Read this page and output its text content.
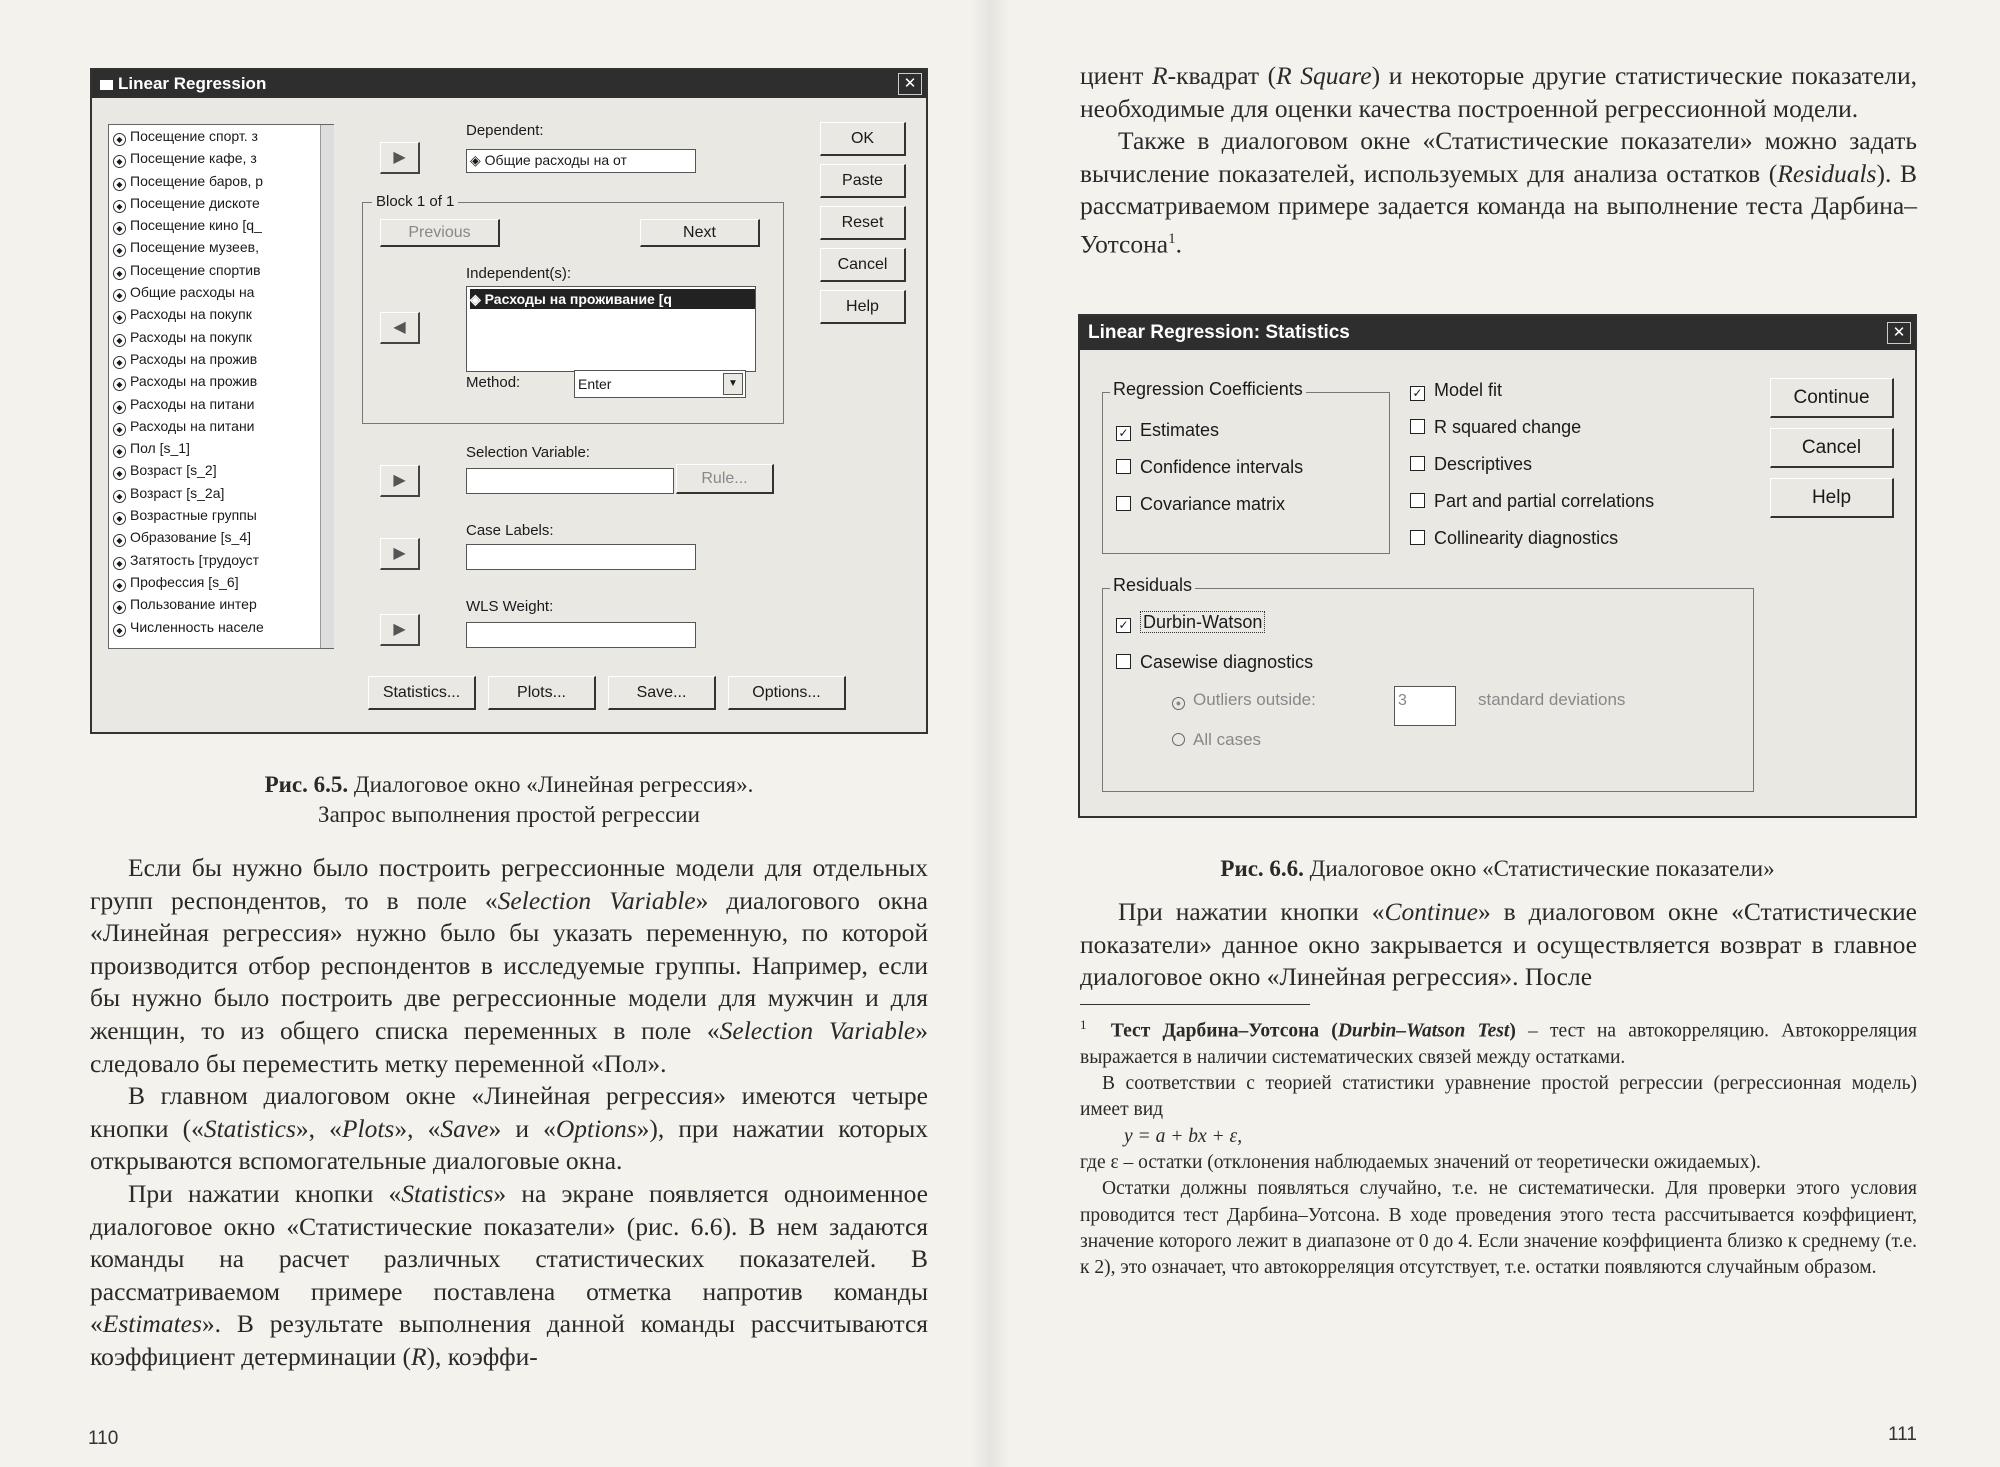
Linear Regression	✕
◆ Посещение спорт. з
◆ Посещение кафе, з
◆ Посещение баров, р
◆ Посещение дискоте
◆ Посещение кино [q_
◆ Посещение музеев,
◆ Посещение спортив
◆ Общие расходы на
◆ Расходы на покупк
◆ Расходы на покупк
◆ Расходы на прожив
◆ Расходы на прожив
◆ Расходы на питани
◆ Расходы на питани
◆ Пол [s_1]
◆ Возраст [s_2]
◆ Возраст [s_2a]
◆ Возрастные группы
◆ Образование [s_4]
◆ Затятость [трудоуст
◆ Профессия [s_6]
◆ Пользование интер
◆ Численность населе
Dependent:
▶	◈ Общие расходы на от
Block 1 of 1
Previous	Next
Independent(s):
◀
◈ Расходы на проживание [q
Method:	Enter	▼
Selection Variable:
▶	Rule...
Case Labels:
▶
WLS Weight:
▶
OK
Paste
Reset
Cancel
Help
Statistics...	Plots...	Save...	Options...
Рис. 6.5. Диалоговое окно «Линейная регрессия».
Запрос выполнения простой регрессии

Если бы нужно было построить регрессионные модели для отдельных групп респондентов, то в поле «Selection Variable» диалогового окна «Линейная регрессия» нужно было бы указать переменную, по которой производится отбор респондентов в исследуемые группы. Например, если бы нужно было построить две регрессионные модели для мужчин и для женщин, то из общего списка переменных в поле «Selection Variable» следовало бы переместить метку переменной «Пол».

В главном диалоговом окне «Линейная регрессия» имеются четыре кнопки («Statistics», «Plots», «Save» и «Options»), при нажатии которых открываются вспомогательные диалоговые окна.

При нажатии кнопки «Statistics» на экране появляется одноименное диалоговое окно «Статистические показатели» (рис. 6.6). В нем задаются команды на расчет различных статистических показателей. В рассматриваемом примере поставлена отметка напротив команды «Estimates». В результате выполнения данной команды рассчитываются коэффициент детерминации (R), коэффи-

110

циент R-квадрат (R Square) и некоторые другие статистические показатели, необходимые для оценки качества построенной регрессионной модели.

Также в диалоговом окне «Статистические показатели» можно задать вычисление показателей, используемых для анализа остатков (Residuals). В рассматриваемом примере задается команда на выполнение теста Дарбина–Уотсона$^1$.

Linear Regression: Statistics	✕
Regression Coefficients
✓ Estimates
Confidence intervals
Covariance matrix
✓ Model fit
R squared change
Descriptives
Part and partial correlations
Collinearity diagnostics
Continue
Cancel
Help
Residuals
✓ Durbin-Watson
Casewise diagnostics
● Outliers outside:	3	standard deviations
All cases
Рис. 6.6. Диалоговое окно «Статистические показатели»

При нажатии кнопки «Continue» в диалоговом окне «Статистические показатели» данное окно закрывается и осуществляется возврат в главное диалоговое окно «Линейная регрессия». После

$^1$ Тест Дарбина–Уотсона (Durbin–Watson Test) – тест на автокорреляцию. Автокорреляция выражается в наличии систематических связей между остатками.

В соответствии с теорией статистики уравнение простой регрессии (регрессионная модель) имеет вид

y = a + bx + ε,

где ε – остатки (отклонения наблюдаемых значений от теоретически ожидаемых).

Остатки должны появляться случайно, т.е. не систематически. Для проверки этого условия проводится тест Дарбина–Уотсона. В ходе проведения этого теста рассчитывается коэффициент, значение которого лежит в диапазоне от 0 до 4. Если значение коэффициента близко к среднему (т.е. к 2), это означает, что автокорреляция отсутствует, т.е. остатки появляются случайным образом.

111
